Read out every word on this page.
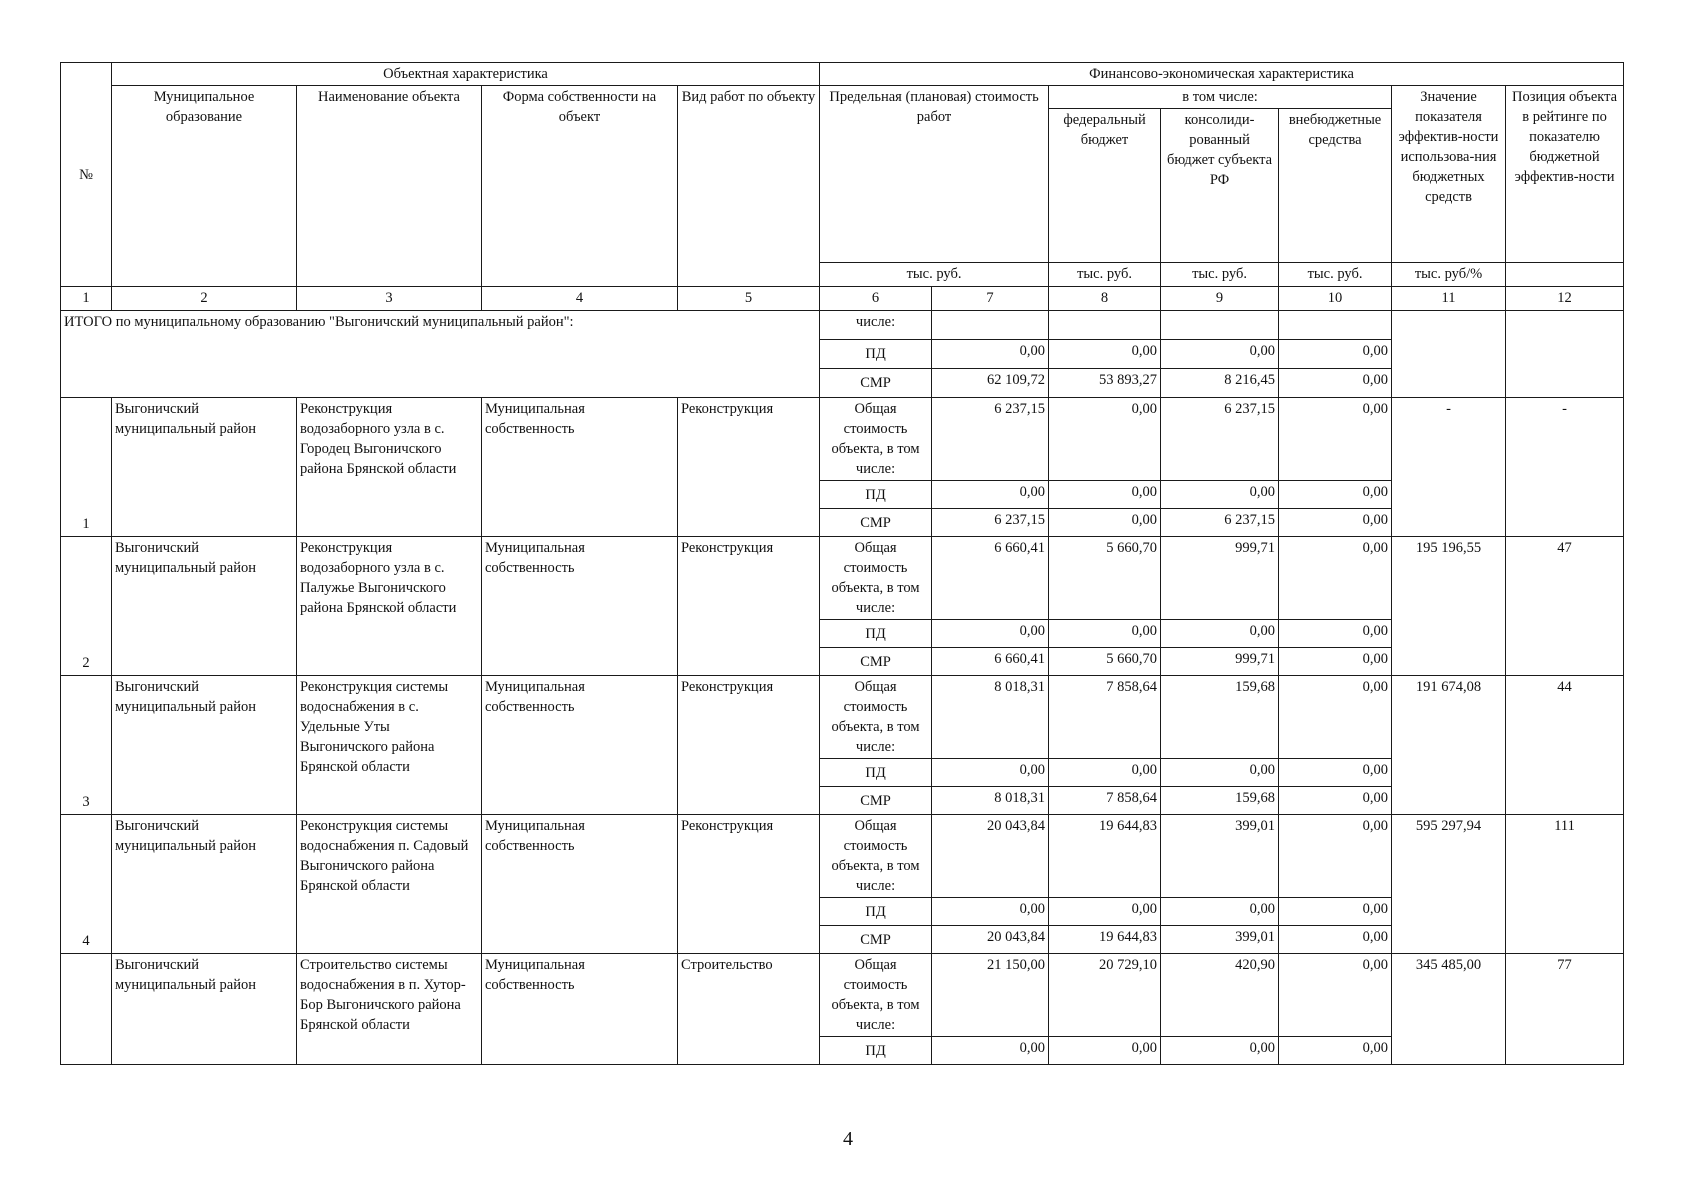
№	Объектная характеристика				Финансово-экономическая характеристика						
	Муниципальное образование	Наименование объекта	Форма собственности на объект	Вид работ по объекту	Предельная (плановая) стоимость работ		в том числе:			Значение показателя эффектив-ности использова-ния бюджетных средств	Позиция объекта в рейтинге по показателю бюджетной эффектив-ности
							федеральный бюджет	консолиди-рованный бюджет субъекта РФ	внебюджетные средства		
					тыс. руб.		тыс. руб.	тыс. руб.	тыс. руб.	тыс. руб/%	
1	2	3	4	5	6	7	8	9	10	11	12
ИТОГО по муниципальному образованию "Выгоничский муниципальный район":					числе:						
					ПД	0,00	0,00	0,00	0,00		
					СМР	62 109,72	53 893,27	8 216,45	0,00		
1	Выгоничский муниципальный район	Реконструкция водозаборного узла в с. Городец Выгоничского района Брянской области	Муниципальная собственность	Реконструкция	Общая стоимость объекта, в том числе:	6 237,15	0,00	6 237,15	0,00	-	-
					ПД	0,00	0,00	0,00	0,00		
					СМР	6 237,15	0,00	6 237,15	0,00		
2	Выгоничский муниципальный район	Реконструкция водозаборного узла в с. Палужье Выгоничского района Брянской области	Муниципальная собственность	Реконструкция	Общая стоимость объекта, в том числе:	6 660,41	5 660,70	999,71	0,00	195 196,55	47
					ПД	0,00	0,00	0,00	0,00		
					СМР	6 660,41	5 660,70	999,71	0,00		
3	Выгоничский муниципальный район	Реконструкция системы водоснабжения в с. Удельные Уты Выгоничского района Брянской области	Муниципальная собственность	Реконструкция	Общая стоимость объекта, в том числе:	8 018,31	7 858,64	159,68	0,00	191 674,08	44
					ПД	0,00	0,00	0,00	0,00		
					СМР	8 018,31	7 858,64	159,68	0,00		
4	Выгоничский муниципальный район	Реконструкция системы водоснабжения п. Садовый Выгоничского района Брянской области	Муниципальная собственность	Реконструкция	Общая стоимость объекта, в том числе:	20 043,84	19 644,83	399,01	0,00	595 297,94	111
					ПД	0,00	0,00	0,00	0,00		
					СМР	20 043,84	19 644,83	399,01	0,00		
	Выгоничский муниципальный район	Строительство системы водоснабжения в п. Хутор-Бор Выгоничского района Брянской области	Муниципальная собственность	Строительство	Общая стоимость объекта, в том числе:	21 150,00	20 729,10	420,90	0,00	345 485,00	77
					ПД	0,00	0,00	0,00	0,00		
4
